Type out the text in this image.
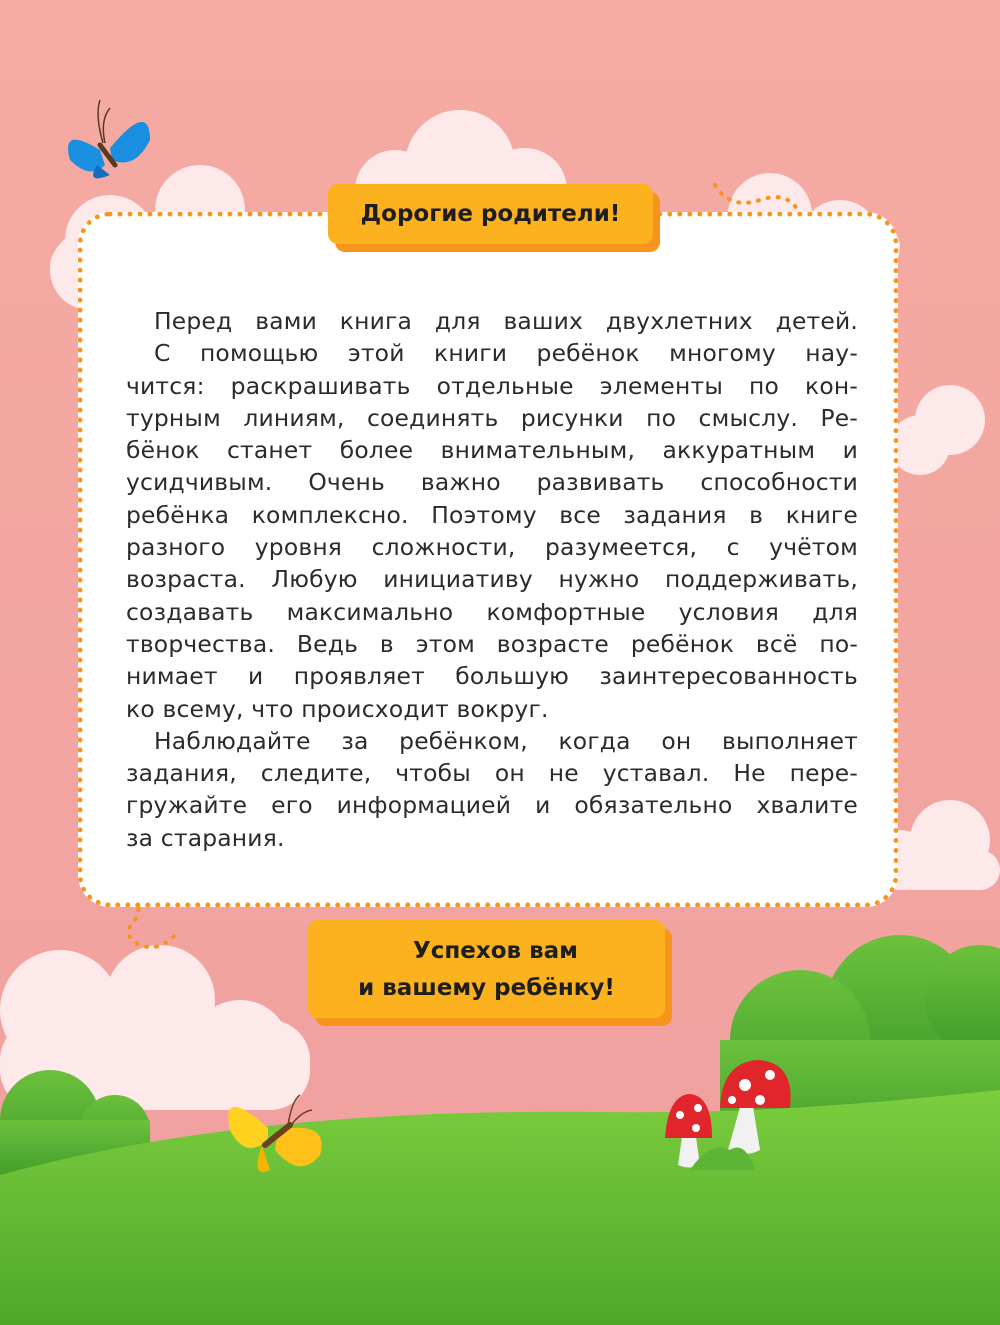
Дорогие родители!
Перед вами книга для ваших двухлетних детей.
С помощью этой книги ребёнок многому нау-
чится: раскрашивать отдельные элементы по кон-
турным линиям, соединять рисунки по смыслу. Ре-
бёнок станет более внимательным, аккуратным и
усидчивым. Очень важно развивать способности
ребёнка комплексно. Поэтому все задания в книге
разного уровня сложности, разумеется, с учётом
возраста. Любую инициативу нужно поддерживать,
создавать максимально комфортные условия для
творчества. Ведь в этом возрасте ребёнок всё по-
нимает и проявляет большую заинтересованность
ко всему, что происходит вокруг.
Наблюдайте за ребёнком, когда он выполняет
задания, следите, чтобы он не уставал. Не пере-
гружайте его информацией и обязательно хвалите
за старания.
Успехов вам
и вашему ребёнку!
